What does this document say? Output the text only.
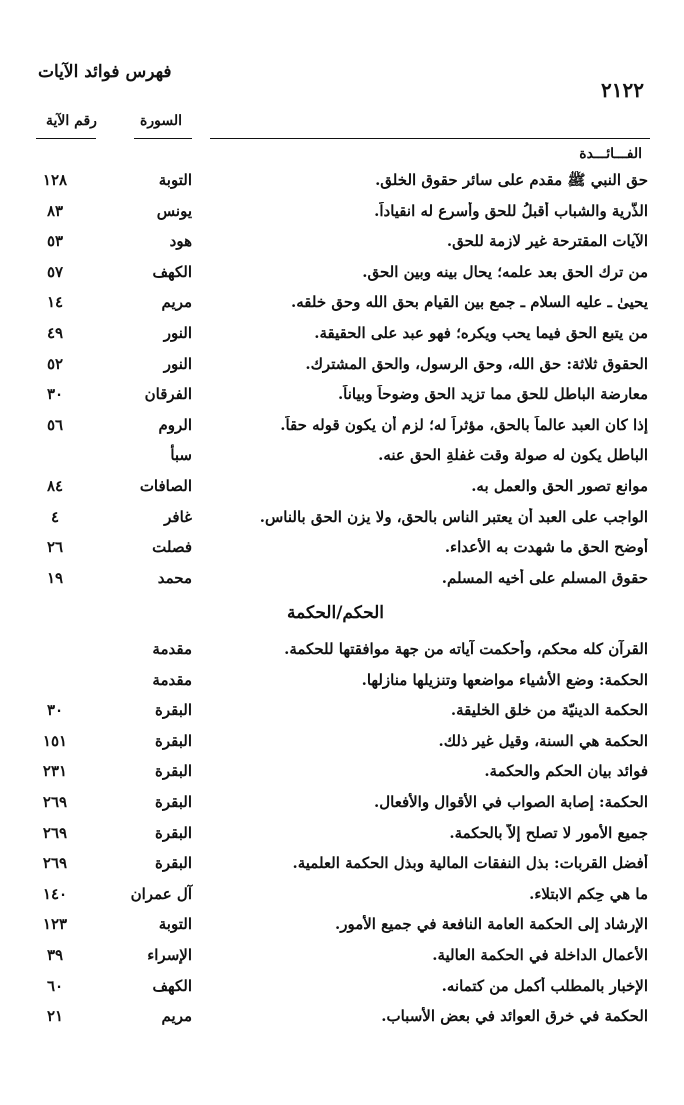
فهرس فوائد الآيات
٢١٢٢
رقم الآية	السورة
الفـــائـــدة
حق النبي ﷺ مقدم على سائر حقوق الخلق.
التوبة
١٢٨
الذُّرية والشباب أقبلُ للحق وأسرع له انقياداً.
يونس
٨٣
الآيات المقترحة غير لازمة للحق.
هود
٥٣
من ترك الحق بعد علمه؛ يحال بينه وبين الحق.
الكهف
٥٧
يحيىٰ ـ عليه السلام ـ جمع بين القيام بحق الله وحق خلقه.
مريم
١٤
من يتبع الحق فيما يحب ويكره؛ فهو عبد على الحقيقة.
النور
٤٩
الحقوق ثلاثة: حق الله، وحق الرسول، والحق المشترك.
النور
٥٢
معارضة الباطل للحق مما تزيد الحق وضوحاً وبياناً.
الفرقان
٣٠
إذا كان العبد عالماً بالحق، مؤثراً له؛ لزم أن يكون قوله حقاً.
الروم
٥٦
الباطل يكون له صولة وقت غفلةِ الحق عنه.
سبأ
موانع تصور الحق والعمل به.
الصافات
٨٤
الواجب على العبد أن يعتبر الناس بالحق، ولا يزن الحق بالناس.
غافر
٤
أوضح الحق ما شهدت به الأعداء.
فصلت
٢٦
حقوق المسلم على أخيه المسلم.
محمد
١٩
الحكم/الحكمة
القرآن كله محكم، وأحكمت آياته من جهة موافقتها للحكمة.
مقدمة
الحكمة: وضع الأشياء مواضعها وتنزيلها منازلها.
مقدمة
الحكمة الدينيّة من خلق الخليقة.
البقرة
٣٠
الحكمة هي السنة، وقيل غير ذلك.
البقرة
١٥١
فوائد بيان الحكم والحكمة.
البقرة
٢٣١
الحكمة: إصابة الصواب في الأقوال والأفعال.
البقرة
٢٦٩
جميع الأمور لا تصلح إلاّ بالحكمة.
البقرة
٢٦٩
أفضل القربات: بذل النفقات المالية وبذل الحكمة العلمية.
البقرة
٢٦٩
ما هي حِكم الابتلاء.
آل عمران
١٤٠
الإرشاد إلى الحكمة العامة النافعة في جميع الأمور.
التوبة
١٢٣
الأعمال الداخلة في الحكمة العالية.
الإسراء
٣٩
الإخبار بالمطلب أكمل من كتمانه.
الكهف
٦٠
الحكمة في خرق العوائد في بعض الأسباب.
مريم
٢١
